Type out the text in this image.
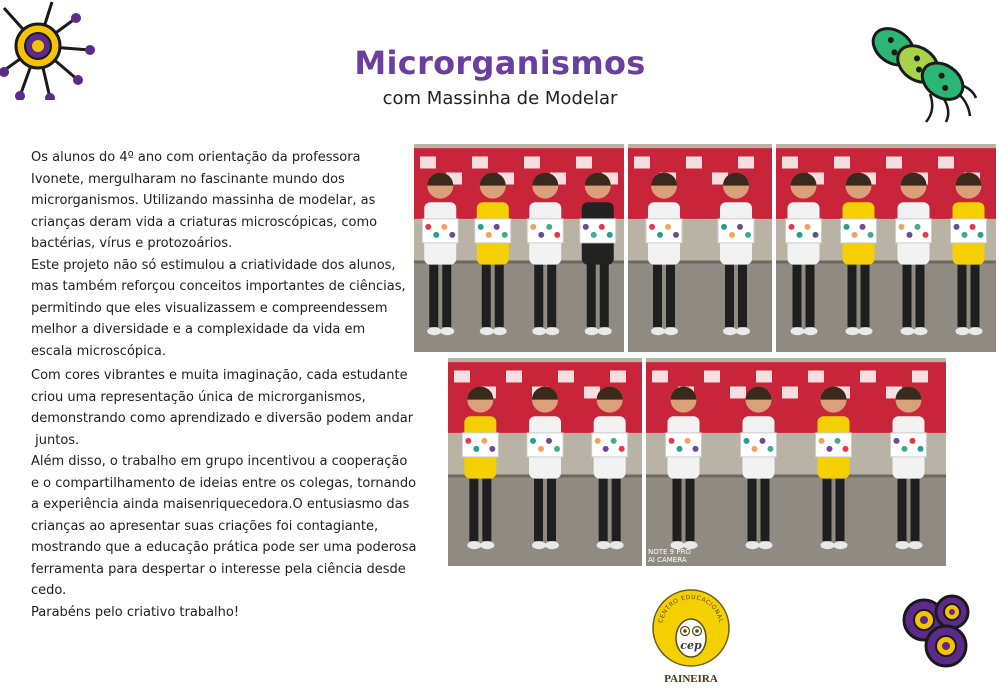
Microrganismos
com Massinha de Modelar

Os alunos do 4º ano com orientação da professora

Ivonete, mergulharam no fascinante mundo dos

microrganismos. Utilizando massinha de modelar, as

crianças deram vida a criaturas microscópicas, como

bactérias, vírus e protozoários.

Este projeto não só estimulou a criatividade dos alunos,

mas também reforçou conceitos importantes de ciências,

permitindo que eles visualizassem e compreendessem

melhor a diversidade e a complexidade da vida em

escala microscópica.

Com cores vibrantes e muita imaginação, cada estudante

criou uma representação única de microrganismos,

demonstrando como aprendizado e diversão podem andar

juntos.

Além disso, o trabalho em grupo incentivou a cooperação

e o compartilhamento de ideias entre os colegas, tornando

a experiência ainda maisenriquecedora.O entusiasmo das

crianças ao apresentar suas criações foi contagiante,

mostrando que a educação prática pode ser uma poderosa

ferramenta para despertar o interesse pela ciência desde

cedo.

Parabéns pelo criativo trabalho!

NOTE 9 PRO
AI CAMERA
CENTRO EDUCACIONAL
cep
PAINEIRA
